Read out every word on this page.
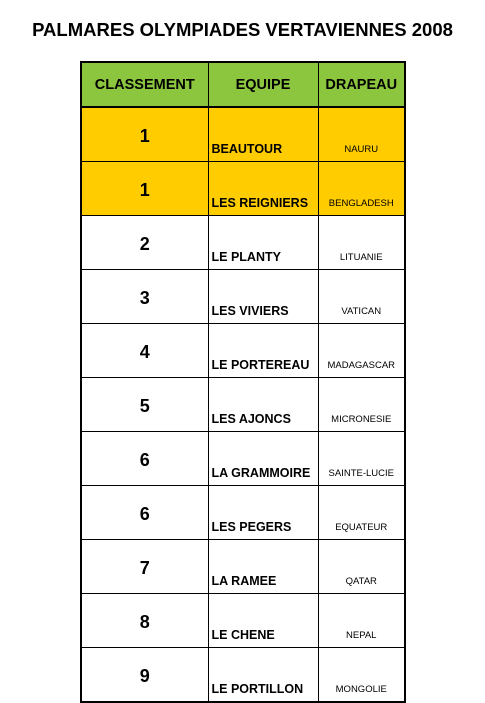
PALMARES OLYMPIADES VERTAVIENNES 2008
CLASSEMENT	EQUIPE	DRAPEAU
1	BEAUTOUR	NAURU
1	LES REIGNIERS	BENGLADESH
2	LE PLANTY	LITUANIE
3	LES VIVIERS	VATICAN
4	LE PORTEREAU	MADAGASCAR
5	LES AJONCS	MICRONESIE
6	LA GRAMMOIRE	SAINTE-LUCIE
6	LES PEGERS	EQUATEUR
7	LA RAMEE	QATAR
8	LE CHENE	NEPAL
9	LE PORTILLON	MONGOLIE
